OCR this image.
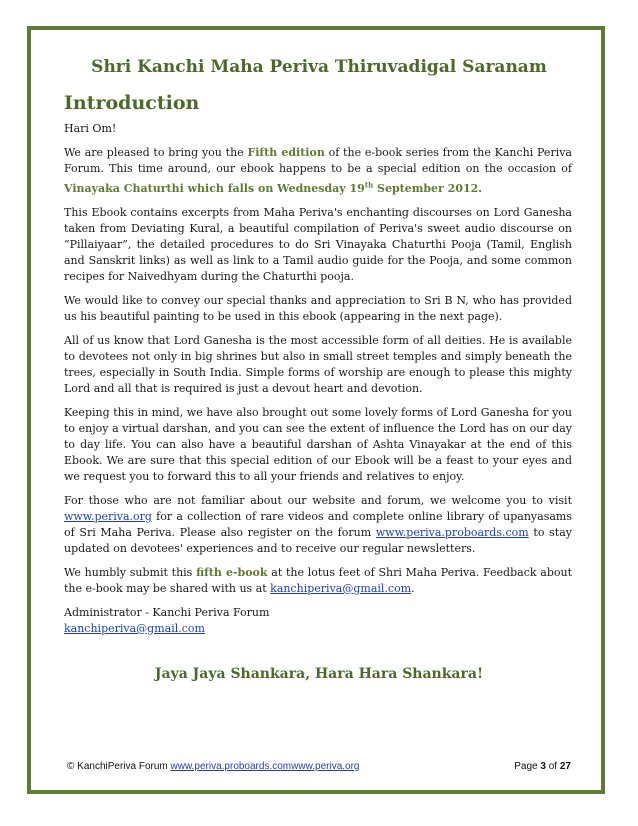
Shri Kanchi Maha Periva Thiruvadigal Saranam
Introduction

Hari Om!

We are pleased to bring you the Fifth edition of the e-book series from the Kanchi Periva Forum. This time around, our ebook happens to be a special edition on the occasion of Vinayaka Chaturthi which falls on Wednesday 19th September 2012.

This Ebook contains excerpts from Maha Periva's enchanting discourses on Lord Ganesha taken from Deviating Kural, a beautiful compilation of Periva's sweet audio discourse on “Pillaiyaar”, the detailed procedures to do Sri Vinayaka Chaturthi Pooja (Tamil, English and Sanskrit links) as well as link to a Tamil audio guide for the Pooja, and some common recipes for Naivedhyam during the Chaturthi pooja.

We would like to convey our special thanks and appreciation to Sri B N, who has provided us his beautiful painting to be used in this ebook (appearing in the next page).

All of us know that Lord Ganesha is the most accessible form of all deities. He is available to devotees not only in big shrines but also in small street temples and simply beneath the trees, especially in South India. Simple forms of worship are enough to please this mighty Lord and all that is required is just a devout heart and devotion.

Keeping this in mind, we have also brought out some lovely forms of Lord Ganesha for you to enjoy a virtual darshan, and you can see the extent of influence the Lord has on our day to day life. You can also have a beautiful darshan of Ashta Vinayakar at the end of this Ebook. We are sure that this special edition of our Ebook will be a feast to your eyes and we request you to forward this to all your friends and relatives to enjoy.

For those who are not familiar about our website and forum, we welcome you to visit www.periva.org for a collection of rare videos and complete online library of upanyasams of Sri Maha Periva. Please also register on the forum www.periva.proboards.com to stay updated on devotees' experiences and to receive our regular newsletters.

We humbly submit this fifth e-book at the lotus feet of Shri Maha Periva. Feedback about the e-book may be shared with us at kanchiperiva@gmail.com.

Administrator - Kanchi Periva Forum
kanchiperiva@gmail.com
Jaya Jaya Shankara, Hara Hara Shankara!
© KanchiPeriva Forum www.periva.proboards.comwww.periva.org	Page 3 of 27
